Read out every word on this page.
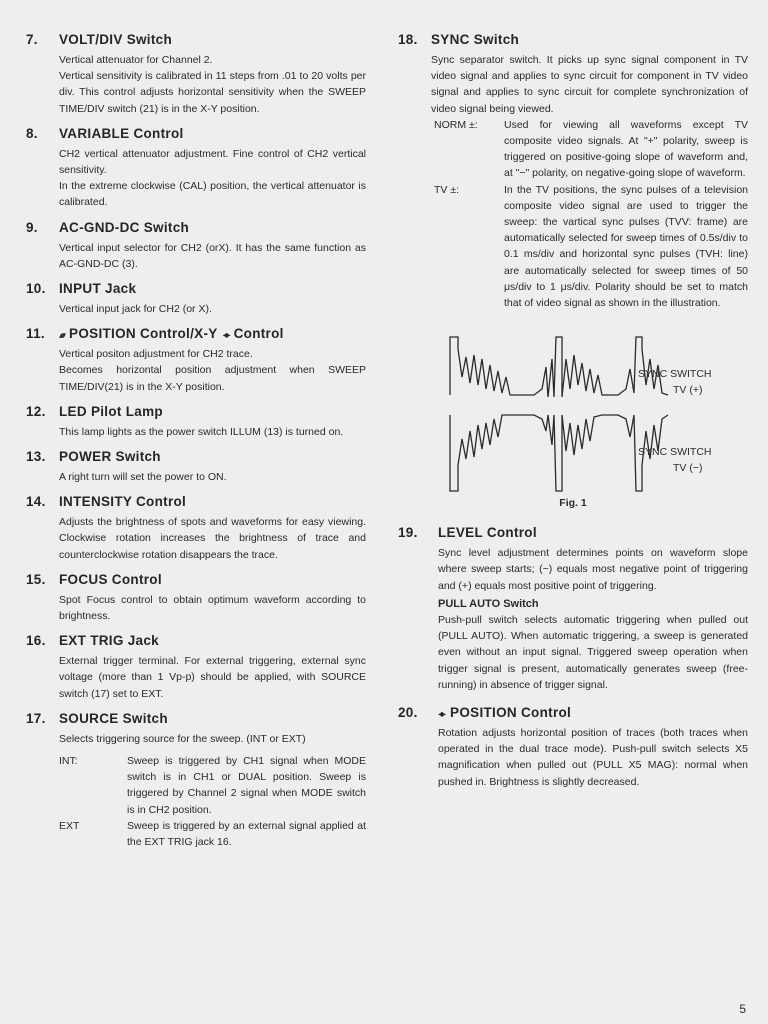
7.	VOLT/DIV Switch

Vertical attenuator for Channel 2.

Vertical sensitivity is calibrated in 11 steps from .01 to 20 volts per div. This control adjusts horizontal sensitivity when the SWEEP TIME/DIV switch (21) is in the X-Y position.

8.	VARIABLE Control

CH2 vertical attenuator adjustment. Fine control of CH2 vertical sensitivity.

In the extreme clockwise (CAL) position, the vertical attenuator is calibrated.

9.	AC-GND-DC Switch

Vertical input selector for CH2 (orX). It has the same function as AC-GND-DC (3).

10. INPUT Jack

Vertical input jack for CH2 (or X).

11.	▴▾ POSITION Control/X-Y ◂▸ Control

Vertical positon adjustment for CH2 trace.

Becomes horizontal position adjustment when SWEEP TIME/DIV(21) is in the X-Y position.

12. LED Pilot Lamp

This lamp lights as the power switch ILLUM (13) is turned on.

13. POWER Switch

A right turn will set the power to ON.

14. INTENSITY Control

Adjusts the brightness of spots and waveforms for easy viewing. Clockwise rotation increases the brightness of trace and counterclockwise rotation disappears the trace.

15. FOCUS Control

Spot Focus control to obtain optimum waveform according to brightness.

16. EXT TRIG Jack

External trigger terminal. For external triggering, external sync voltage (more than 1 Vp-p) should be applied, with SOURCE switch (17) set to EXT.

17. SOURCE Switch

Selects triggering source for the sweep. (INT or EXT)

INT:	Sweep is triggered by CH1 signal when MODE switch is in CH1 or DUAL position. Sweep is triggered by Channel 2 signal when MODE switch is in CH2 position.
EXT	Sweep is triggered by an external signal applied at the EXT TRIG jack 16.
18. SYNC Switch

Sync separator switch. It picks up sync signal component in TV video signal and applies to sync circuit for component in TV video signal and applies to sync circuit for complete synchronization of video signal being viewed.

NORM ±:	Used for viewing all waveforms except TV composite video signals. At "+" polarity, sweep is triggered on positive-going slope of waveform and, at "−" polarity, on negative-going slope of waveform.
TV ±:	In the TV positions, the sync pulses of a television composite video signal are used to trigger the sweep: the vartical sync pulses (TVV: frame) are automatically selected for sweep times of 0.5s/div to 0.1 ms/div and horizontal sync pulses (TVH: line) are automatically selected for sweep times of 50 μs/div to 1 μs/div. Polarity should be set to match that of video signal as shown in the illustration.
SYNC SWITCH
TV (+)
SYNC SWITCH
TV (−)
Fig. 1
19.	LEVEL Control

Sync level adjustment determines points on waveform slope where sweep starts; (−) equals most negative point of triggering and (+) equals most positive point of triggering.

PULL AUTO Switch

Push-pull switch selects automatic triggering when pulled out (PULL AUTO). When automatic triggering, a sweep is generated even without an input signal. Triggered sweep operation when trigger signal is present, automatically generates sweep (free-running) in absence of trigger signal.

20.	◂▸ POSITION Control

Rotation adjusts horizontal position of traces (both traces when operated in the dual trace mode). Push-pull switch selects X5 magnification when pulled out (PULL X5 MAG): normal when pushed in. Brightness is slightly decreased.

5
